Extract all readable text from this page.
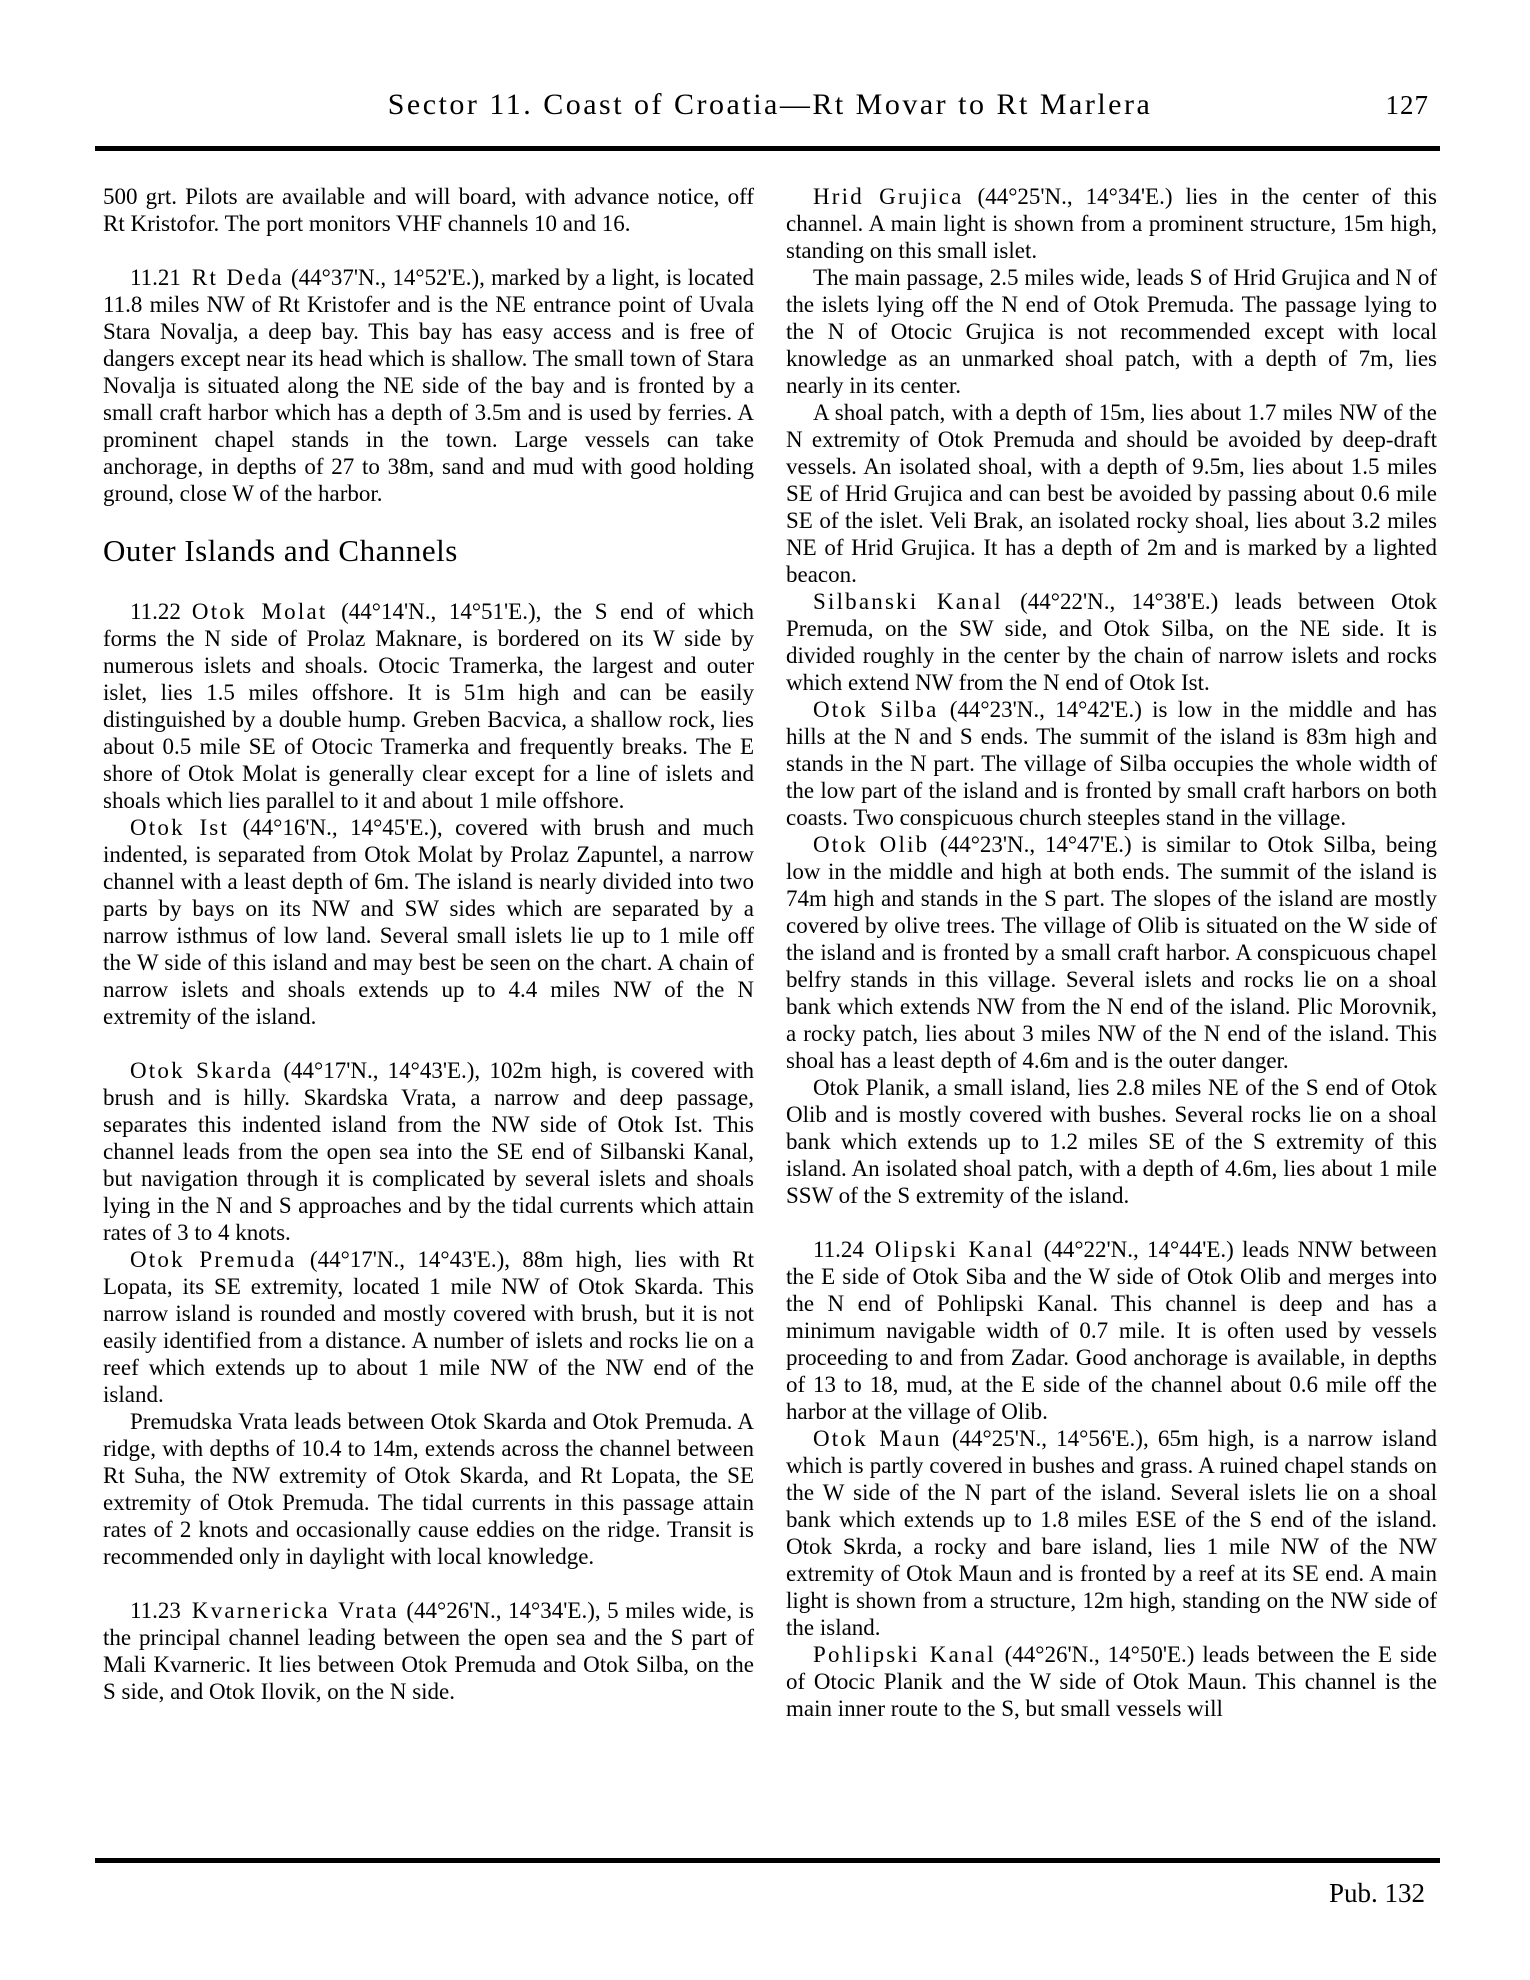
Sector 11. Coast of Croatia—Rt Movar to Rt Marlera	127

500 grt. Pilots are available and will board, with advance notice, off Rt Kristofor. The port monitors VHF channels 10 and 16.

11.21 Rt Deda (44°37'N., 14°52'E.), marked by a light, is located 11.8 miles NW of Rt Kristofer and is the NE entrance point of Uvala Stara Novalja, a deep bay. This bay has easy access and is free of dangers except near its head which is shallow. The small town of Stara Novalja is situated along the NE side of the bay and is fronted by a small craft harbor which has a depth of 3.5m and is used by ferries. A prominent chapel stands in the town. Large vessels can take anchorage, in depths of 27 to 38m, sand and mud with good holding ground, close W of the harbor.

Outer Islands and Channels

11.22 Otok Molat (44°14'N., 14°51'E.), the S end of which forms the N side of Prolaz Maknare, is bordered on its W side by numerous islets and shoals. Otocic Tramerka, the largest and outer islet, lies 1.5 miles offshore. It is 51m high and can be easily distinguished by a double hump. Greben Bacvica, a shallow rock, lies about 0.5 mile SE of Otocic Tramerka and frequently breaks. The E shore of Otok Molat is generally clear except for a line of islets and shoals which lies parallel to it and about 1 mile offshore.

Otok Ist (44°16'N., 14°45'E.), covered with brush and much indented, is separated from Otok Molat by Prolaz Zapuntel, a narrow channel with a least depth of 6m. The island is nearly divided into two parts by bays on its NW and SW sides which are separated by a narrow isthmus of low land. Several small islets lie up to 1 mile off the W side of this island and may best be seen on the chart. A chain of narrow islets and shoals extends up to 4.4 miles NW of the N extremity of the island.

Otok Skarda (44°17'N., 14°43'E.), 102m high, is covered with brush and is hilly. Skardska Vrata, a narrow and deep passage, separates this indented island from the NW side of Otok Ist. This channel leads from the open sea into the SE end of Silbanski Kanal, but navigation through it is complicated by several islets and shoals lying in the N and S approaches and by the tidal currents which attain rates of 3 to 4 knots.

Otok Premuda (44°17'N., 14°43'E.), 88m high, lies with Rt Lopata, its SE extremity, located 1 mile NW of Otok Skarda. This narrow island is rounded and mostly covered with brush, but it is not easily identified from a distance. A number of islets and rocks lie on a reef which extends up to about 1 mile NW of the NW end of the island.

Premudska Vrata leads between Otok Skarda and Otok Premuda. A ridge, with depths of 10.4 to 14m, extends across the channel between Rt Suha, the NW extremity of Otok Skarda, and Rt Lopata, the SE extremity of Otok Premuda. The tidal currents in this passage attain rates of 2 knots and occasionally cause eddies on the ridge. Transit is recommended only in daylight with local knowledge.

11.23 Kvarnericka Vrata (44°26'N., 14°34'E.), 5 miles wide, is the principal channel leading between the open sea and the S part of Mali Kvarneric. It lies between Otok Premuda and Otok Silba, on the S side, and Otok Ilovik, on the N side.

Hrid Grujica (44°25'N., 14°34'E.) lies in the center of this channel. A main light is shown from a prominent structure, 15m high, standing on this small islet.

The main passage, 2.5 miles wide, leads S of Hrid Grujica and N of the islets lying off the N end of Otok Premuda. The passage lying to the N of Otocic Grujica is not recommended except with local knowledge as an unmarked shoal patch, with a depth of 7m, lies nearly in its center.

A shoal patch, with a depth of 15m, lies about 1.7 miles NW of the N extremity of Otok Premuda and should be avoided by deep-draft vessels. An isolated shoal, with a depth of 9.5m, lies about 1.5 miles SE of Hrid Grujica and can best be avoided by passing about 0.6 mile SE of the islet. Veli Brak, an isolated rocky shoal, lies about 3.2 miles NE of Hrid Grujica. It has a depth of 2m and is marked by a lighted beacon.

Silbanski Kanal (44°22'N., 14°38'E.) leads between Otok Premuda, on the SW side, and Otok Silba, on the NE side. It is divided roughly in the center by the chain of narrow islets and rocks which extend NW from the N end of Otok Ist.

Otok Silba (44°23'N., 14°42'E.) is low in the middle and has hills at the N and S ends. The summit of the island is 83m high and stands in the N part. The village of Silba occupies the whole width of the low part of the island and is fronted by small craft harbors on both coasts. Two conspicuous church steeples stand in the village.

Otok Olib (44°23'N., 14°47'E.) is similar to Otok Silba, being low in the middle and high at both ends. The summit of the island is 74m high and stands in the S part. The slopes of the island are mostly covered by olive trees. The village of Olib is situated on the W side of the island and is fronted by a small craft harbor. A conspicuous chapel belfry stands in this village. Several islets and rocks lie on a shoal bank which extends NW from the N end of the island. Plic Morovnik, a rocky patch, lies about 3 miles NW of the N end of the island. This shoal has a least depth of 4.6m and is the outer danger.

Otok Planik, a small island, lies 2.8 miles NE of the S end of Otok Olib and is mostly covered with bushes. Several rocks lie on a shoal bank which extends up to 1.2 miles SE of the S extremity of this island. An isolated shoal patch, with a depth of 4.6m, lies about 1 mile SSW of the S extremity of the island.

11.24 Olipski Kanal (44°22'N., 14°44'E.) leads NNW between the E side of Otok Siba and the W side of Otok Olib and merges into the N end of Pohlipski Kanal. This channel is deep and has a minimum navigable width of 0.7 mile. It is often used by vessels proceeding to and from Zadar. Good anchorage is available, in depths of 13 to 18, mud, at the E side of the channel about 0.6 mile off the harbor at the village of Olib.

Otok Maun (44°25'N., 14°56'E.), 65m high, is a narrow island which is partly covered in bushes and grass. A ruined chapel stands on the W side of the N part of the island. Several islets lie on a shoal bank which extends up to 1.8 miles ESE of the S end of the island. Otok Skrda, a rocky and bare island, lies 1 mile NW of the NW extremity of Otok Maun and is fronted by a reef at its SE end. A main light is shown from a structure, 12m high, standing on the NW side of the island.

Pohlipski Kanal (44°26'N., 14°50'E.) leads between the E side of Otocic Planik and the W side of Otok Maun. This channel is the main inner route to the S, but small vessels will

Pub. 132
